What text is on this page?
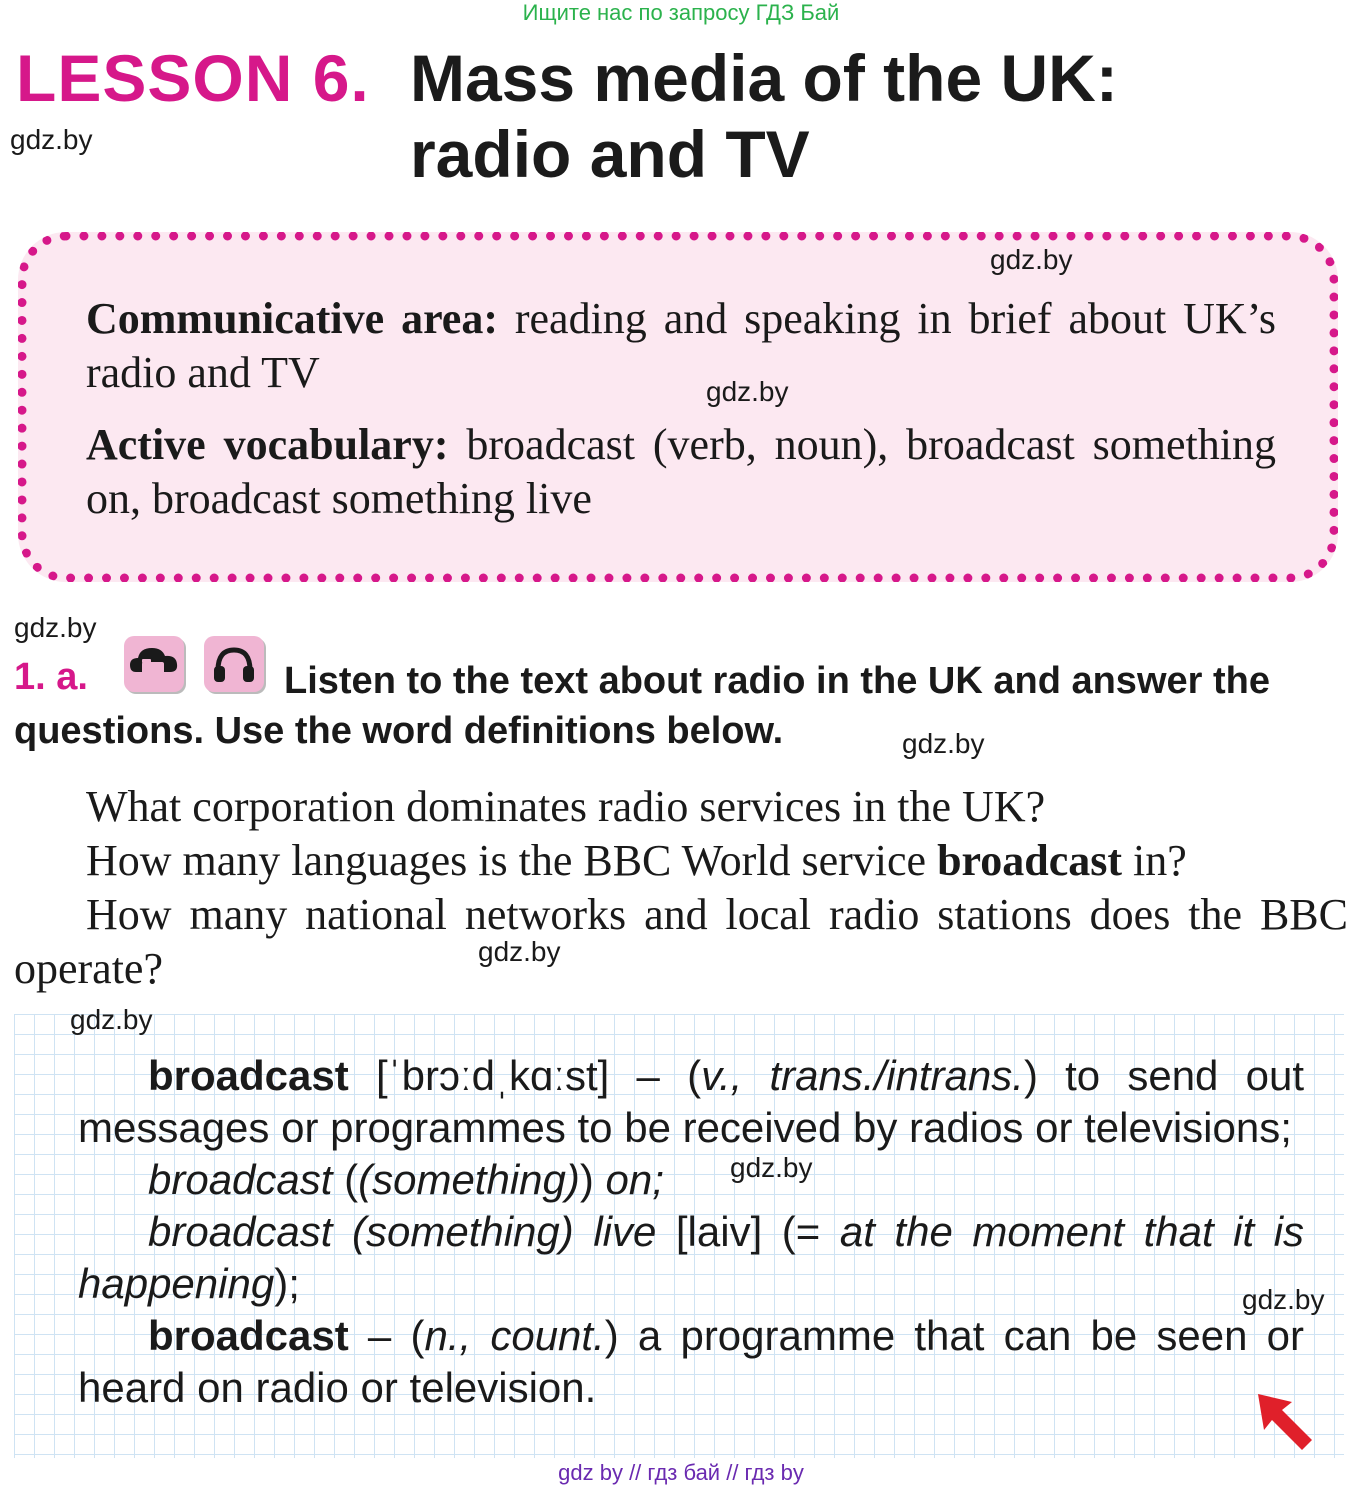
Ищите нас по запросу ГДЗ Бай
LESSON 6. Mass media of the UK:
radio and TV
gdz.by
gdz.by
Communicative area: reading and speaking in brief about UK’s radio and TV	gdz.by
Active vocabulary: broadcast (verb, noun), broadcast something on, broadcast something live
gdz.by
Listen to the text about radio in the UK and answer the questions. Use the word definitions below.
1. a.
gdz.by
What corporation dominates radio services in the UK?
How many languages is the BBC World service broadcast in?
How many national networks and local radio stations does the BBC operate?	gdz.by
gdz.by
broadcast [ˈbrɔːdˌkɑːst] – (v., trans./intrans.) to send out messages or programmes to be received by radios or televisions;
broadcast ((something)) on;	gdz.by
broadcast (something) live [laiv] (= at the moment that it is happening);	gdz.by
broadcast – (n., count.) a programme that can be seen or heard on radio or television.
gdz by // гдз бай // гдз by
